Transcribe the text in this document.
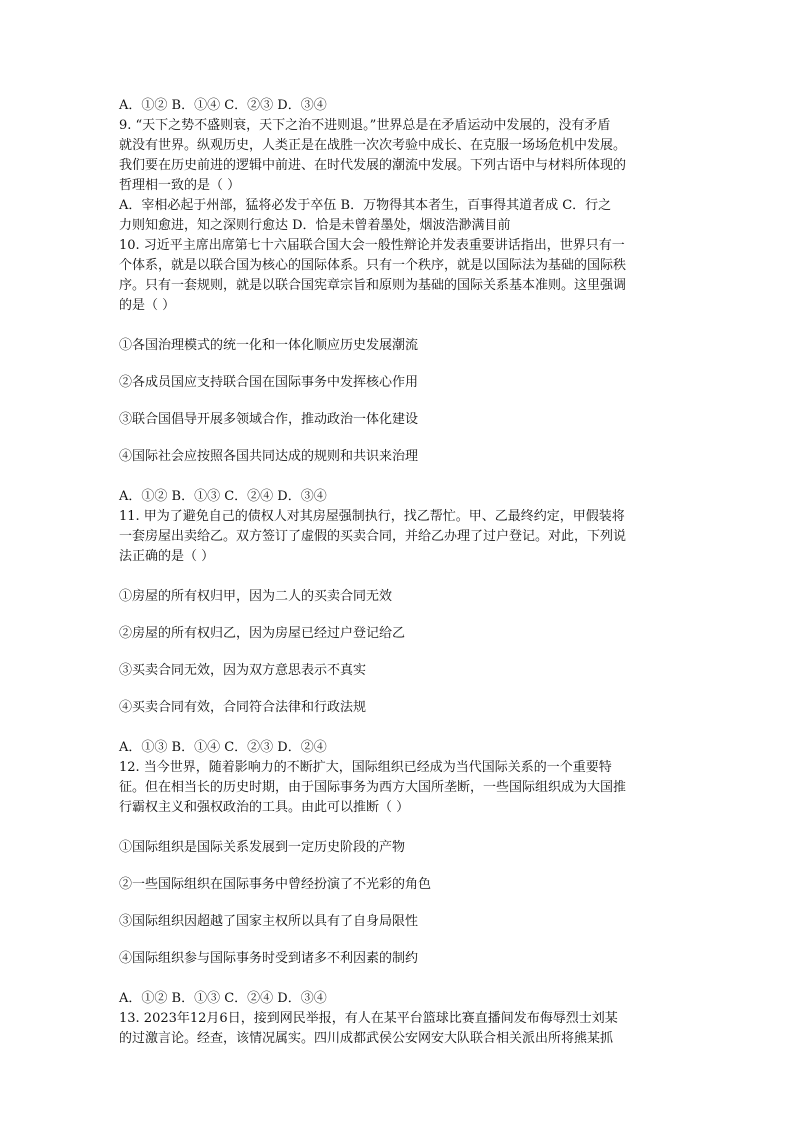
A．①② B．①④ C．②③ D．③④
9. “天下之势不盛则衰，天下之治不进则退。”世界总是在矛盾运动中发展的，没有矛盾
就没有世界。纵观历史，人类正是在战胜一次次考验中成长、在克服一场场危机中发展。
我们要在历史前进的逻辑中前进、在时代发展的潮流中发展。下列古语中与材料所体现的
哲理相一致的是（ ）
A．宰相必起于州部，猛将必发于卒伍 B．万物得其本者生，百事得其道者成 C．行之
力则知愈进，知之深则行愈达 D．恰是未曾着墨处，烟波浩渺满目前
10. 习近平主席出席第七十六届联合国大会一般性辩论并发表重要讲话指出，世界只有一
个体系，就是以联合国为核心的国际体系。只有一个秩序，就是以国际法为基础的国际秩
序。只有一套规则，就是以联合国宪章宗旨和原则为基础的国际关系基本准则。这里强调
的是（ ）
①各国治理模式的统一化和一体化顺应历史发展潮流
②各成员国应支持联合国在国际事务中发挥核心作用
③联合国倡导开展多领域合作，推动政治一体化建设
④国际社会应按照各国共同达成的规则和共识来治理
A．①② B．①③ C．②④ D．③④
11. 甲为了避免自己的债权人对其房屋强制执行，找乙帮忙。甲、乙最终约定，甲假装将
一套房屋出卖给乙。双方签订了虚假的买卖合同，并给乙办理了过户登记。对此，下列说
法正确的是（ ）
①房屋的所有权归甲，因为二人的买卖合同无效
②房屋的所有权归乙，因为房屋已经过户登记给乙
③买卖合同无效，因为双方意思表示不真实
④买卖合同有效，合同符合法律和行政法规
A．①③ B．①④ C．②③ D．②④
12. 当今世界，随着影响力的不断扩大，国际组织已经成为当代国际关系的一个重要特
征。但在相当长的历史时期，由于国际事务为西方大国所垄断，一些国际组织成为大国推
行霸权主义和强权政治的工具。由此可以推断（ ）
①国际组织是国际关系发展到一定历史阶段的产物
②一些国际组织在国际事务中曾经扮演了不光彩的角色
③国际组织因超越了国家主权所以具有了自身局限性
④国际组织参与国际事务时受到诸多不利因素的制约
A．①② B．①③ C．②④ D．③④
13. 2023年12月6日，接到网民举报，有人在某平台篮球比赛直播间发布侮辱烈士刘某
的过激言论。经查，该情况属实。四川成都武侯公安网安大队联合相关派出所将熊某抓
